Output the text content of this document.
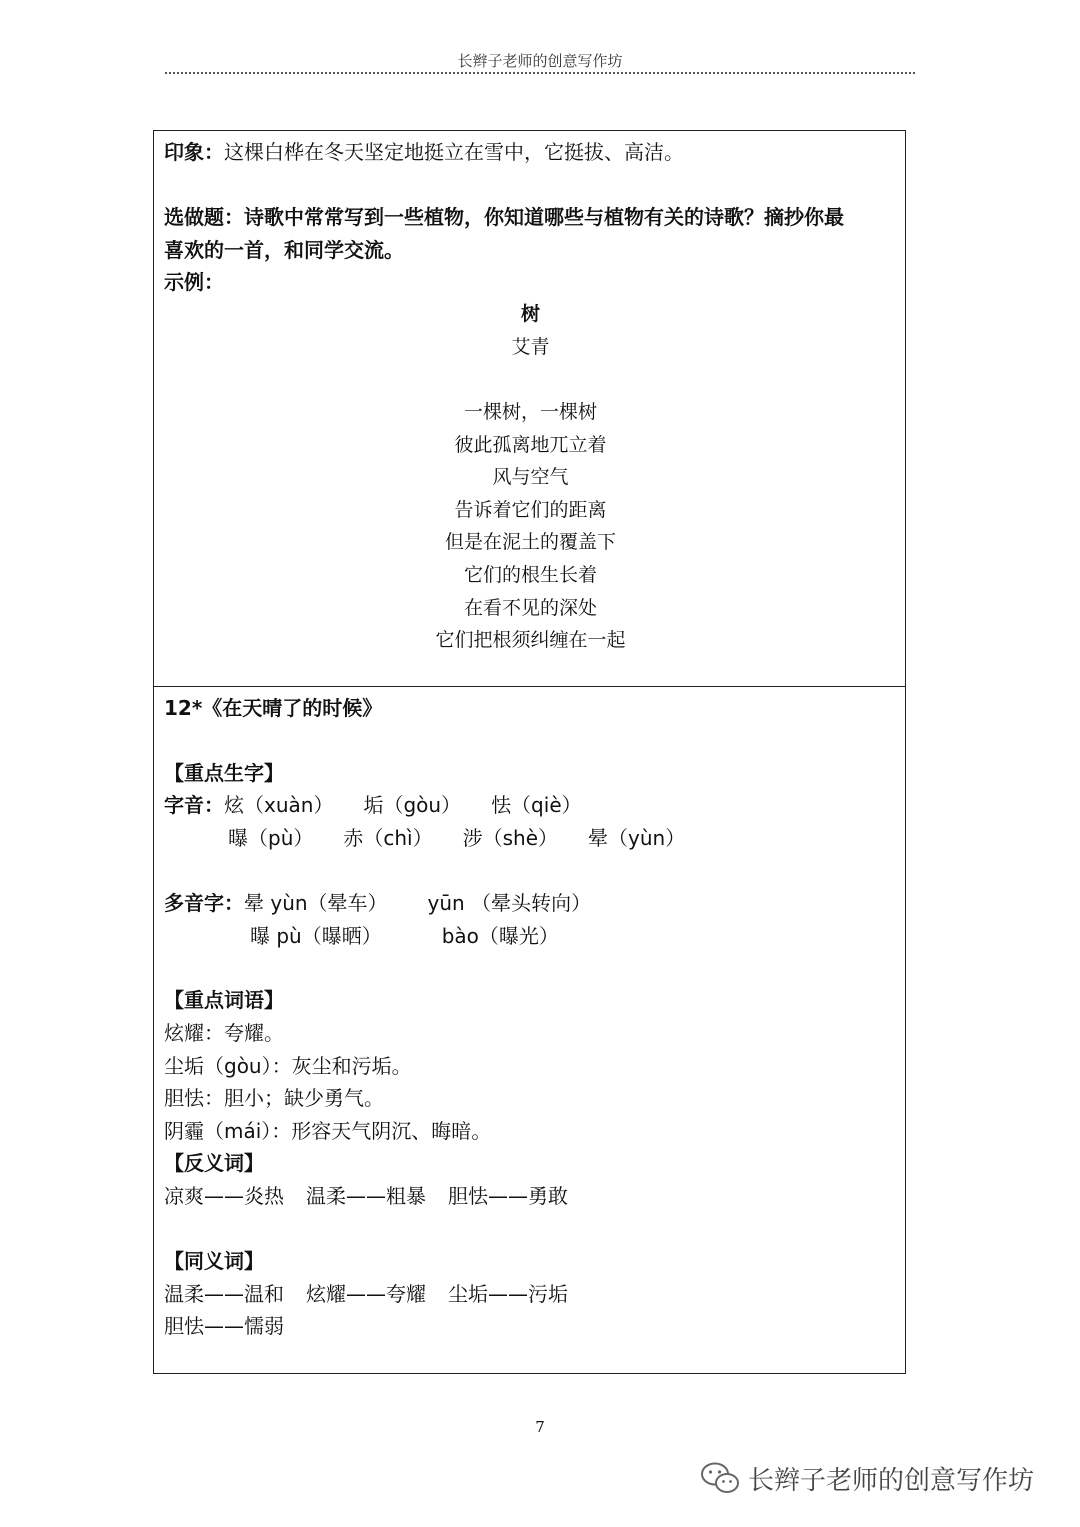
长辫子老师的创意写作坊
印象：这棵白桦在冬天坚定地挺立在雪中，它挺拔、高洁。
选做题：诗歌中常常写到一些植物，你知道哪些与植物有关的诗歌？摘抄你最
喜欢的一首，和同学交流。
示例：
树
艾青
一棵树，一棵树
彼此孤离地兀立着
风与空气
告诉着它们的距离
但是在泥土的覆盖下
它们的根生长着
在看不见的深处
它们把根须纠缠在一起
12*《在天晴了的时候》
【重点生字】
字音：炫（xuàn） 垢（gòu） 怯（qiè）
曝（pù） 赤（chì） 涉（shè） 晕（yùn）
多音字：晕 yùn（晕车） yūn （晕头转向）
曝 pù（曝晒）	bào（曝光）
【重点词语】
炫耀：夸耀。
尘垢（gòu）：灰尘和污垢。
胆怯：胆小；缺少勇气。
阴霾（mái）：形容天气阴沉、晦暗。
【反义词】
凉爽——炎热 温柔——粗暴 胆怯——勇敢
【同义词】
温柔——温和 炫耀——夸耀 尘垢——污垢
胆怯——懦弱
7
长辫子老师的创意写作坊
